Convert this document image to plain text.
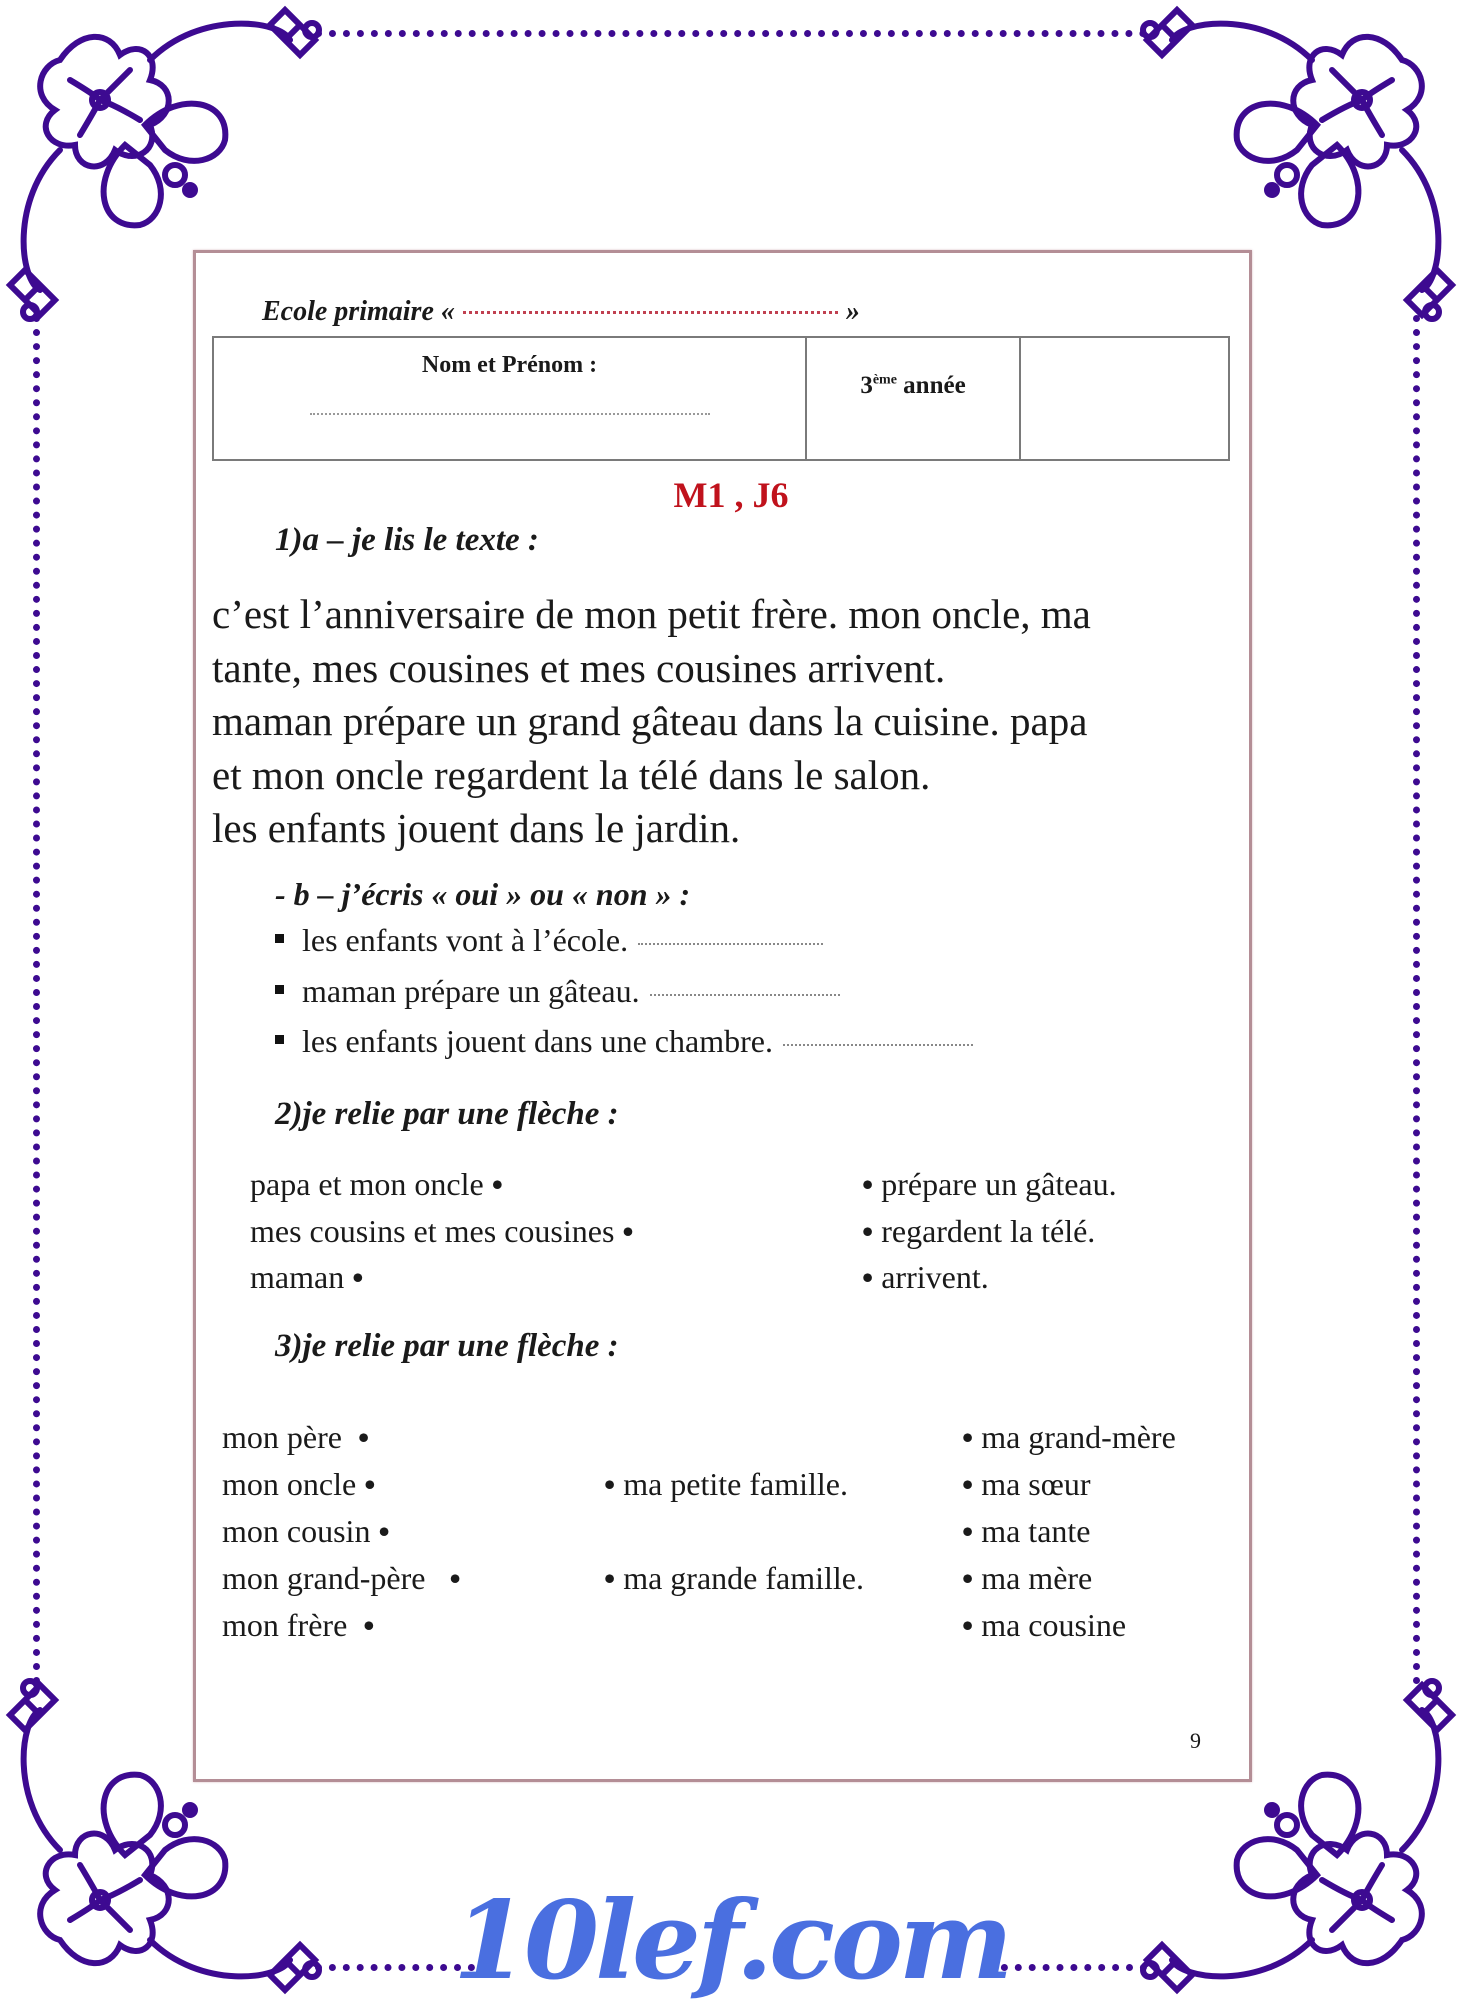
Ecole primaire «	»
Nom et Prénom :

3ème année

M1 , J6
1)a – je lis le texte :
c’est l’anniversaire de mon petit frère. mon oncle, ma
tante, mes cousines et mes cousines arrivent.
maman prépare un grand gâteau dans la cuisine. papa
et mon oncle regardent la télé dans le salon.
les enfants jouent dans le jardin.
- b – j’écris « oui » ou « non » :
les enfants vont à l’école.
maman prépare un gâteau.
les enfants jouent dans une chambre.
2)je relie par une flèche :
papa et mon oncle •
mes cousins et mes cousines •
maman •
• prépare un gâteau.
• regardent la télé.
• arrivent.
3)je relie par une flèche :
mon père •
mon oncle •
mon cousin •
mon grand-père •
mon frère •
• ma petite famille.
• ma grande famille.
• ma grand-mère
• ma sœur
• ma tante
• ma mère
• ma cousine
9
10lef.com
